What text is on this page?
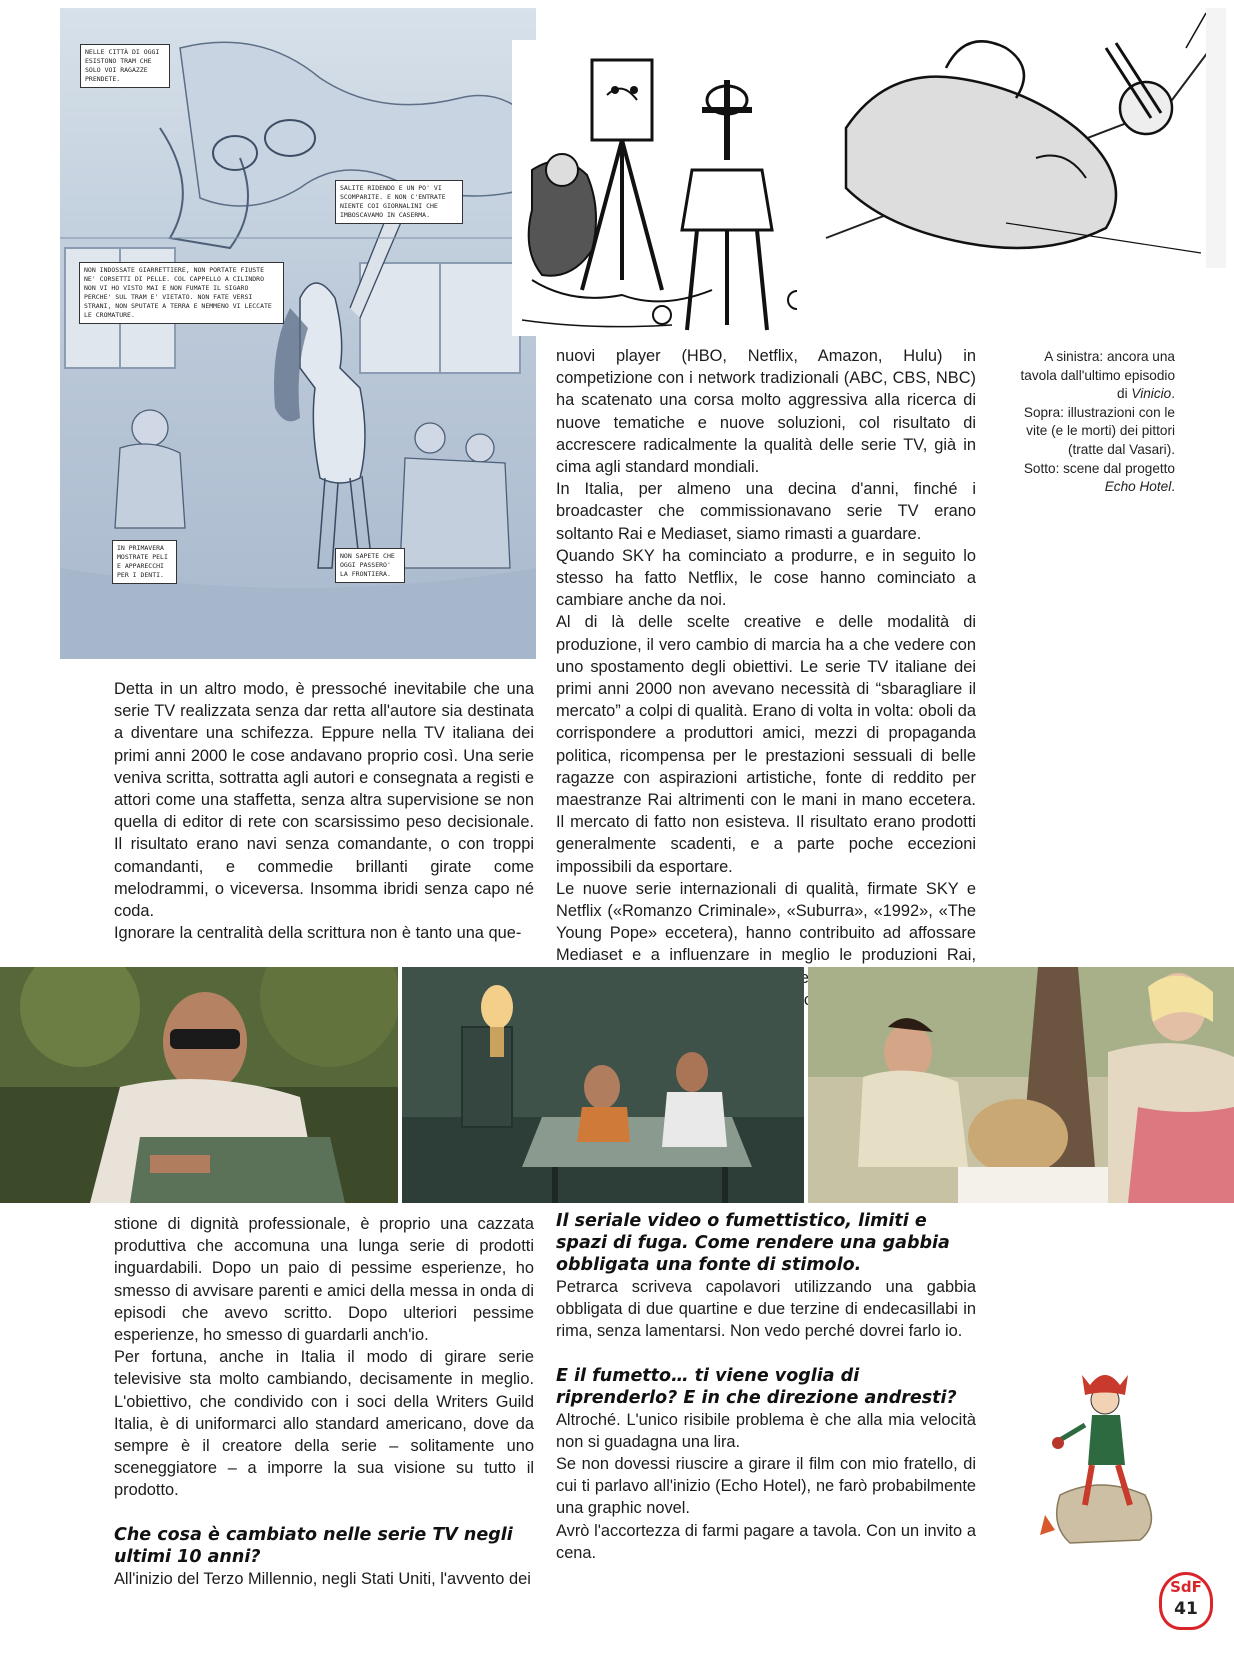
NELLE CITTÀ DI OGGI ESISTONO TRAM CHE SOLO VOI RAGAZZE PRENDETE.
SALITE RIDENDO E UN PO' VI SCOMPARITE. E NON C'ENTRATE NIENTE COI GIORNALINI CHE IMBOSCAVAMO IN CASERMA.
NON INDOSSATE GIARRETTIERE, NON PORTATE FIUSTE NE' CORSETTI DI PELLE. COL CAPPELLO A CILINDRO NON VI HO VISTO MAI E NON FUMATE IL SIGARO PERCHE' SUL TRAM E' VIETATO. NON FATE VERSI STRANI, NON SPUTATE A TERRA E NEMMENO VI LECCATE LE CROMATURE.
IN PRIMAVERA MOSTRATE PELI E APPARECCHI PER I DENTI.
NON SAPETE CHE OGGI PASSERO' LA FRONTIERA.
A sinistra: ancora una
tavola dall'ultimo episodio
di Vinicio.
Sopra: illustrazioni con le
vite (e le morti) dei pittori
(tratte dal Vasari).
Sotto: scene dal progetto
Echo Hotel.

nuovi player (HBO, Netflix, Amazon, Hulu) in competizione con i network tradizionali (ABC, CBS, NBC) ha scatenato una corsa molto aggressiva alla ricerca di nuove tematiche e nuove soluzioni, col risultato di accrescere radicalmente la qualità delle serie TV, già in cima agli standard mondiali.

In Italia, per almeno una decina d'anni, finché i broadcaster che commissionavano serie TV erano soltanto Rai e Mediaset, siamo rimasti a guardare.

Quando SKY ha cominciato a produrre, e in seguito lo stesso ha fatto Netflix, le cose hanno cominciato a cambiare anche da noi.

Al di là delle scelte creative e delle modalità di produzione, il vero cambio di marcia ha a che vedere con uno spostamento degli obiettivi. Le serie TV italiane dei primi anni 2000 non avevano necessità di “sbaragliare il mercato” a colpi di qualità. Erano di volta in volta: oboli da corrispondere a produttori amici, mezzi di propaganda politica, ricompensa per le prestazioni sessuali di belle ragazze con aspirazioni artistiche, fonte di reddito per maestranze Rai altrimenti con le mani in mano eccetera. Il mercato di fatto non esisteva. Il risultato erano prodotti generalmente scadenti, e a parte poche eccezioni impossibili da esportare.

Le nuove serie internazionali di qualità, firmate SKY e Netflix («Romanzo Criminale», «Suburra», «1992», «The Young Pope» eccetera), hanno contribuito ad affossare Mediaset e a influenzare in meglio le produzioni Rai,

Detta in un altro modo, è pressoché inevitabile che una serie TV realizzata senza dar retta all'autore sia destinata a diventare una schifezza. Eppure nella TV italiana dei primi anni 2000 le cose andavano proprio così. Una serie veniva scritta, sottratta agli autori e consegnata a registi e attori come una staffetta, senza altra supervisione se non quella di editor di rete con scarsissimo peso decisionale. Il risultato erano navi senza comandante, o con troppi comandanti, e commedie brillanti girate come melodrammi, o viceversa. Insomma ibridi senza capo né coda.

Ignorare la centralità della scrittura non è tanto una que-

stione di dignità professionale, è proprio una cazzata produttiva che accomuna una lunga serie di prodotti inguardabili. Dopo un paio di pessime esperienze, ho smesso di avvisare parenti e amici della messa in onda di episodi che avevo scritto. Dopo ulteriori pessime esperienze, ho smesso di guardarli anch'io.

Per fortuna, anche in Italia il modo di girare serie televisive sta molto cambiando, decisamente in meglio. L'obiettivo, che condivido con i soci della Writers Guild Italia, è di uniformarci allo standard americano, dove da sempre è il creatore della serie – solitamente uno sceneggiatore – a imporre la sua visione su tutto il prodotto.

Che cosa è cambiato nelle serie TV negli ultimi 10 anni?

All'inizio del Terzo Millennio, negli Stati Uniti, l'avvento dei

Il seriale video o fumettistico, limiti e spazi di fuga. Come rendere una gabbia obbligata una fonte di stimolo.

Petrarca scriveva capolavori utilizzando una gabbia obbligata di due quartine e due terzine di endecasillabi in rima, senza lamentarsi. Non vedo perché dovrei farlo io.

E il fumetto… ti viene voglia di riprenderlo? E in che direzione andresti?

Altroché. L'unico risibile problema è che alla mia velocità non si guadagna una lira.

Se non dovessi riuscire a girare il film con mio fratello, di cui ti parlavo all'inizio (Echo Hotel), ne farò probabilmente una graphic novel.

Avrò l'accortezza di farmi pagare a tavola. Con un invito a cena.

SdF
41
